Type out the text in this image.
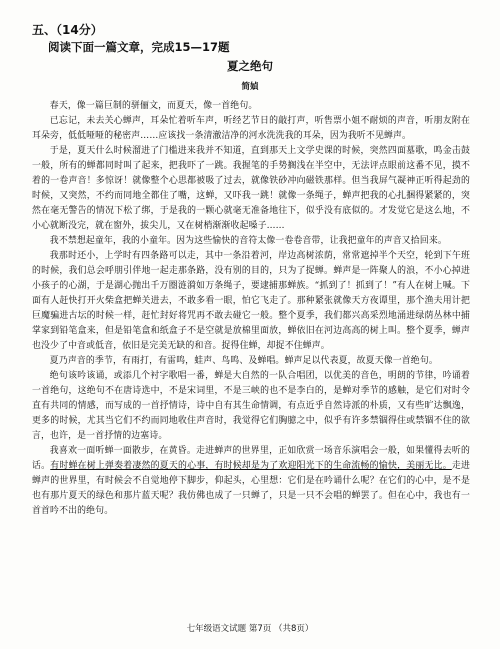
五、（14分）
阅读下面一篇文章，完成15—17题
夏之绝句
简媜

春天，像一篇巨制的骈俪文，而夏天，像一首绝句。

已忘记，未去关心蝉声，耳朵忙着听车声，听经艺节日的敲打声，听售票小姐不耐烦的声音，听朋友附在耳朵旁，低低哑哑的秘密声……应该找一条清澈洁净的河水洗洗我的耳朵，因为我听不见蝉声。

于是，夏天什么时候溜进了门槛进来我并不知道，直到那天上文学史课的时候，突然四面墓歌，鸣金击鼓一般，所有的蝉都同时叫了起来，把我吓了一跳。我握笔的手势搁浅在半空中，无法评点眼前这番不见，摸不着的一卷声音！多惊讶！就像整个心思都被吸了过去，就像铁砂冲向磁铁那样。但当我屏气凝神正听得起劲的时候，又突然，不约而同地全都住了嘴，这蝉，又吓我一跳！就像一条绳子，蝉声把我的心扎捆得紧紧的，突然在毫无警告的情况下松了绑，于是我的一颗心就毫无准备地往下，似乎没有底似的。才发觉它是这么地，不小心就断没完，就在窗外，拔尖儿，又在树梢渐渐收起嗓子……

我不禁想起童年，我的小童年。因为这些愉快的音符太像一卷卷音带，让我把童年的声音又拾回来。

我那时还小，上学时有四条路可以走，其中一条沿着河，岸边高树浓荫，常常遮掉半个天空，轮到下午班的时候，我们总会呼朋引伴地一起走那条路，没有别的目的，只为了捉蝉。蝉声是一阵聚人的浪，不小心掉进小孩子的心湖，于是湖心抛出千万圈涟漪如万条绳子，要逮捕那蝉族。“抓到了！抓到了！”有人在树上喊。下面有人赶快打开火柴盒把蝉关进去，不敢多看一眼，怕它飞走了。那种紧张就像天方夜谭里，那个渔夫用计把巨魔骗进古坛的时候一样，赶忙封好将咒再不敢去碰它一般。整个夏季，我们都兴高采烈地涌进绿荫丛林中捕掌家到铅笔盒来，但是铅笔盒和纸盒子不是空就是放棉里面放，蝉依旧在河边高高的树上叫。整个夏季，蝉声也没少了中音或低音，依旧是完美无缺的和音。捉得住蝉，却捉不住蝉声。

夏乃声音的季节，有雨打，有雷鸣，蛙声、鸟鸣、及蝉唱。蝉声足以代表夏，故夏天像一首绝句。

绝句该吟该诵，或添几个衬字歌唱一番，蝉是大自然的一队合唱团，以优美的音色，明朗的节律，吟诵着一首绝句，这绝句不在唐诗选中，不是宋词里，不是三峡的也不是李白的，是蝉对季节的感触，是它们对时令直有共同的情感，而写成的一首抒情诗，诗中自有其生命情调，有点近乎自然诗派的朴质，又有些旷达飘逸，更多的时候，尤其当它们不约而同地收住声音时，我觉得它们胸臆之中，似乎有许多禁锢得住或禁锢不住的欲言，也许，是一首抒情的边塞诗。

我喜欢一面听蝉一面散步，在黄昏。走进蝉声的世界里，正如欣赏一场音乐演唱会一般，如果懂得去听的话。有时蝉在树上弹奏着凄然的夏天的心事，有时候却是为了欢迎阳光下的生命流畅的愉快，美丽无比。走进蝉声的世界里，有时候会不自觉地停下脚步，仰起头，心里想：它们是在吟诵什么呢？在它们的心中，是不是也有那片夏天的绿色和那片蓝天呢？我仿佛也成了一只蝉了，只是一只不会唱的蝉罢了。但在心中，我也有一首首吟不出的绝句。

七年级语文试题 第7页 （共8页）
